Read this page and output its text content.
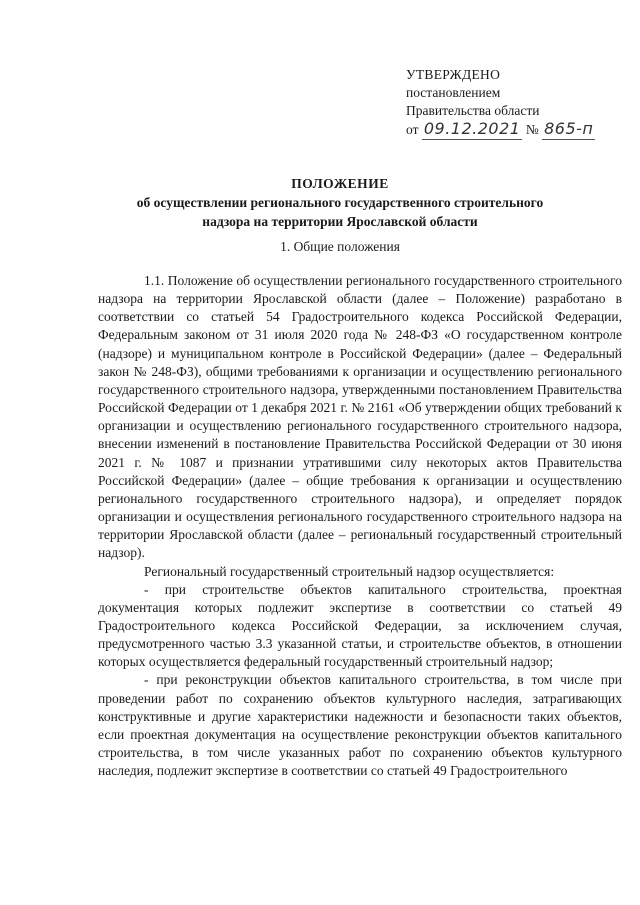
УТВЕРЖДЕНО
постановлением
Правительства области
от 09.12.2021 № 865-п
ПОЛОЖЕНИЕ
об осуществлении регионального государственного строительного
надзора на территории Ярославской области
1. Общие положения

1.1. Положение об осуществлении регионального государственного строительного надзора на территории Ярославской области (далее – Положение) разработано в соответствии со статьей 54 Градостроительного кодекса Российской Федерации, Федеральным законом от 31 июля 2020 года № 248-ФЗ «О государственном контроле (надзоре) и муниципальном контроле в Российской Федерации» (далее – Федеральный закон № 248-ФЗ), общими требованиями к организации и осуществлению регионального государственного строительного надзора, утвержденными постановлением Правительства Российской Федерации от 1 декабря 2021 г. № 2161 «Об утверждении общих требований к организации и осуществлению регионального государственного строительного надзора, внесении изменений в постановление Правительства Российской Федерации от 30 июня 2021 г. № 1087 и признании утратившими силу некоторых актов Правительства Российской Федерации» (далее – общие требования к организации и осуществлению регионального государственного строительного надзора), и определяет порядок организации и осуществления регионального государственного строительного надзора на территории Ярославской области (далее – региональный государственный строительный надзор).

Региональный государственный строительный надзор осуществляется:

- при строительстве объектов капитального строительства, проектная документация которых подлежит экспертизе в соответствии со статьей 49 Градостроительного кодекса Российской Федерации, за исключением случая, предусмотренного частью 3.3 указанной статьи, и строительстве объектов, в отношении которых осуществляется федеральный государственный строительный надзор;

- при реконструкции объектов капитального строительства, в том числе при проведении работ по сохранению объектов культурного наследия, затрагивающих конструктивные и другие характеристики надежности и безопасности таких объектов, если проектная документация на осуществление реконструкции объектов капитального строительства, в том числе указанных работ по сохранению объектов культурного наследия, подлежит экспертизе в соответствии со статьей 49 Градостроительного
